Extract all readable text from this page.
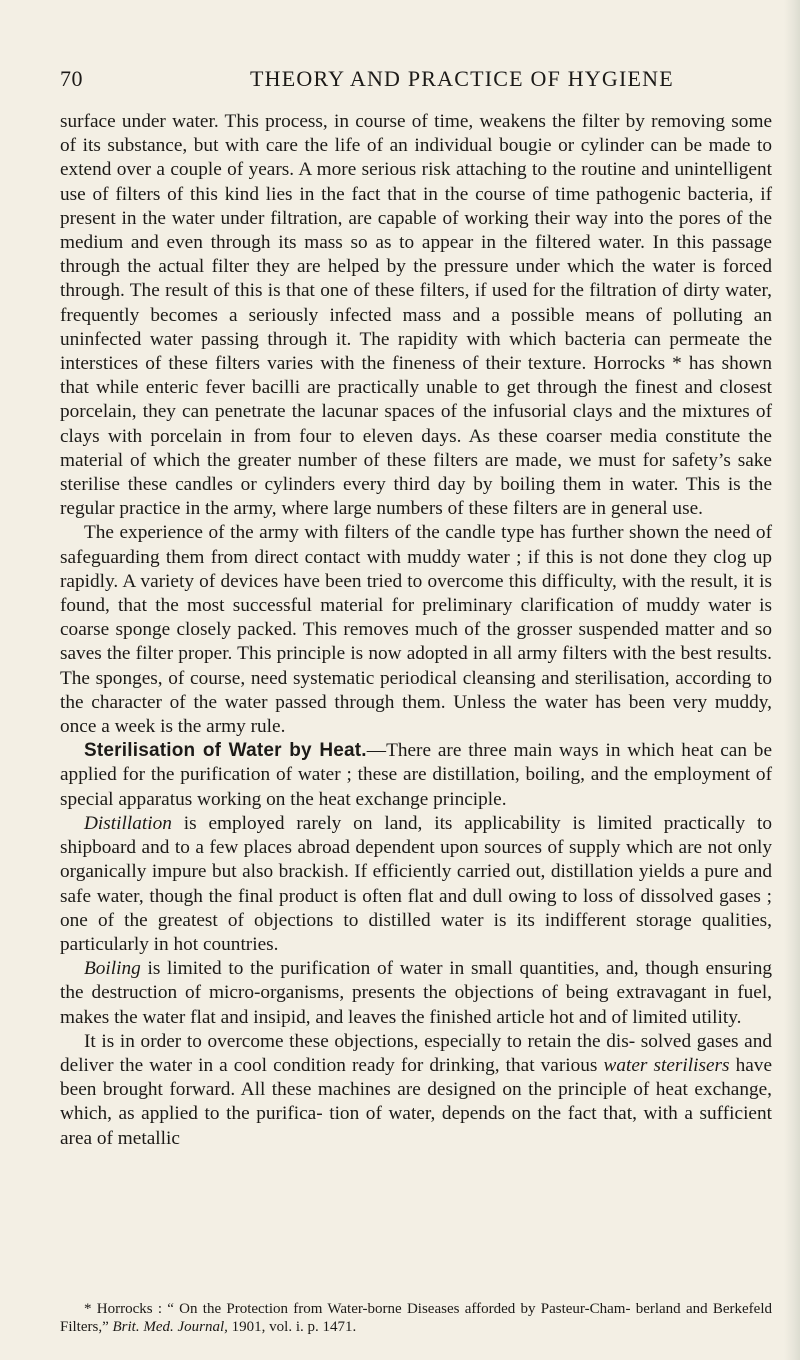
70	THEORY AND PRACTICE OF HYGIENE

surface under water. This process, in course of time, weakens the filter by removing some of its substance, but with care the life of an individual bougie or cylinder can be made to extend over a couple of years. A more serious risk attaching to the routine and unintelligent use of filters of this kind lies in the fact that in the course of time pathogenic bacteria, if present in the water under filtration, are capable of working their way into the pores of the medium and even through its mass so as to appear in the filtered water. In this passage through the actual filter they are helped by the pressure under which the water is forced through. The result of this is that one of these filters, if used for the filtration of dirty water, frequently becomes a seriously infected mass and a possible means of polluting an uninfected water passing through it. The rapidity with which bacteria can permeate the interstices of these filters varies with the fineness of their texture. Horrocks * has shown that while enteric fever bacilli are practically unable to get through the finest and closest porcelain, they can penetrate the lacunar spaces of the infusorial clays and the mixtures of clays with porcelain in from four to eleven days. As these coarser media constitute the material of which the greater number of these filters are made, we must for safety’s sake sterilise these candles or cylinders every third day by boiling them in water. This is the regular practice in the army, where large numbers of these filters are in general use.

The experience of the army with filters of the candle type has further shown the need of safeguarding them from direct contact with muddy water ; if this is not done they clog up rapidly. A variety of devices have been tried to overcome this difficulty, with the result, it is found, that the most successful material for preliminary clarification of muddy water is coarse sponge closely packed. This removes much of the grosser suspended matter and so saves the filter proper. This principle is now adopted in all army filters with the best results. The sponges, of course, need systematic periodical cleansing and sterilisation, according to the character of the water passed through them. Unless the water has been very muddy, once a week is the army rule.

Sterilisation of Water by Heat.—There are three main ways in which heat can be applied for the purification of water ; these are distillation, boiling, and the employment of special apparatus working on the heat exchange principle.

Distillation is employed rarely on land, its applicability is limited practically to shipboard and to a few places abroad dependent upon sources of supply which are not only organically impure but also brackish. If efficiently carried out, distillation yields a pure and safe water, though the final product is often flat and dull owing to loss of dissolved gases ; one of the greatest of objections to distilled water is its indifferent storage qualities, particularly in hot countries.

Boiling is limited to the purification of water in small quantities, and, though ensuring the destruction of micro-organisms, presents the objections of being extravagant in fuel, makes the water flat and insipid, and leaves the finished article hot and of limited utility.

It is in order to overcome these objections, especially to retain the dis- solved gases and deliver the water in a cool condition ready for drinking, that various water sterilisers have been brought forward. All these machines are designed on the principle of heat exchange, which, as applied to the purifica- tion of water, depends on the fact that, with a sufficient area of metallic

* Horrocks : “ On the Protection from Water-borne Diseases afforded by Pasteur-Cham- berland and Berkefeld Filters,” Brit. Med. Journal, 1901, vol. i. p. 1471.
